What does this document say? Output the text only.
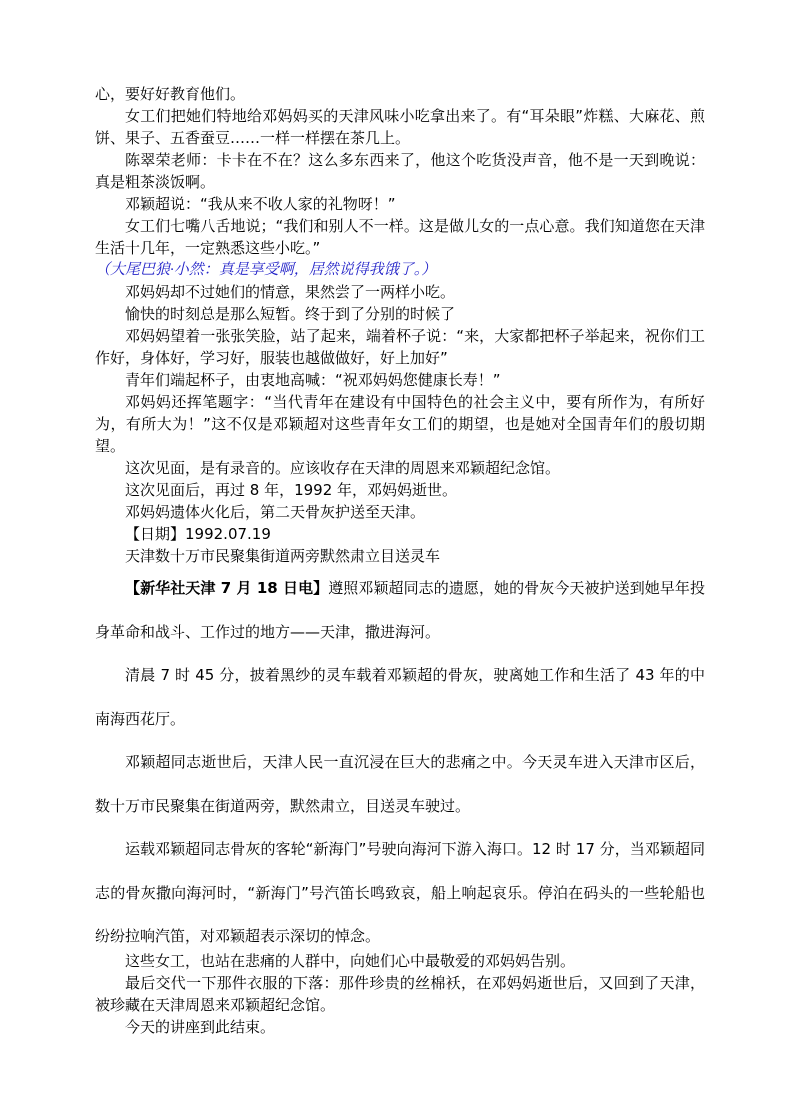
心，要好好教育他们。

女工们把她们特地给邓妈妈买的天津风味小吃拿出来了。有“耳朵眼”炸糕、大麻花、煎饼、果子、五香蚕豆……一样一样摆在茶几上。

陈翠荣老师：卡卡在不在？这么多东西来了，他这个吃货没声音，他不是一天到晚说：真是粗茶淡饭啊。

邓颖超说：“我从来不收人家的礼物呀！”

女工们七嘴八舌地说；“我们和别人不一样。这是做儿女的一点心意。我们知道您在天津生活十几年，一定熟悉这些小吃。”

（大尾巴狼·小然：真是享受啊，居然说得我饿了。）

邓妈妈却不过她们的情意，果然尝了一两样小吃。

愉快的时刻总是那么短暂。终于到了分别的时候了

邓妈妈望着一张张笑脸，站了起来，端着杯子说：“来，大家都把杯子举起来，祝你们工作好，身体好，学习好，服装也越做做好，好上加好”

青年们端起杯子，由衷地高喊：“祝邓妈妈您健康长寿！”

邓妈妈还挥笔题字：“当代青年在建设有中国特色的社会主义中，要有所作为，有所好为，有所大为！”这不仅是邓颖超对这些青年女工们的期望，也是她对全国青年们的殷切期望。

这次见面，是有录音的。应该收存在天津的周恩来邓颖超纪念馆。

这次见面后，再过 8 年，1992 年，邓妈妈逝世。

邓妈妈遗体火化后，第二天骨灰护送至天津。

【日期】1992.07.19

天津数十万市民聚集街道两旁默然肃立目送灵车

【新华社天津 7 月 18 日电】遵照邓颖超同志的遗愿，她的骨灰今天被护送到她早年投身革命和战斗、工作过的地方——天津，撒进海河。

清晨 7 时 45 分，披着黑纱的灵车载着邓颖超的骨灰，驶离她工作和生活了 43 年的中南海西花厅。

邓颖超同志逝世后，天津人民一直沉浸在巨大的悲痛之中。今天灵车进入天津市区后，数十万市民聚集在街道两旁，默然肃立，目送灵车驶过。

运载邓颖超同志骨灰的客轮“新海门”号驶向海河下游入海口。12 时 17 分，当邓颖超同志的骨灰撒向海河时，“新海门”号汽笛长鸣致哀，船上响起哀乐。停泊在码头的一些轮船也纷纷拉响汽笛，对邓颖超表示深切的悼念。

这些女工，也站在悲痛的人群中，向她们心中最敬爱的邓妈妈告别。

最后交代一下那件衣服的下落：那件珍贵的丝棉袄，在邓妈妈逝世后，又回到了天津，被珍藏在天津周恩来邓颖超纪念馆。

今天的讲座到此结束。
